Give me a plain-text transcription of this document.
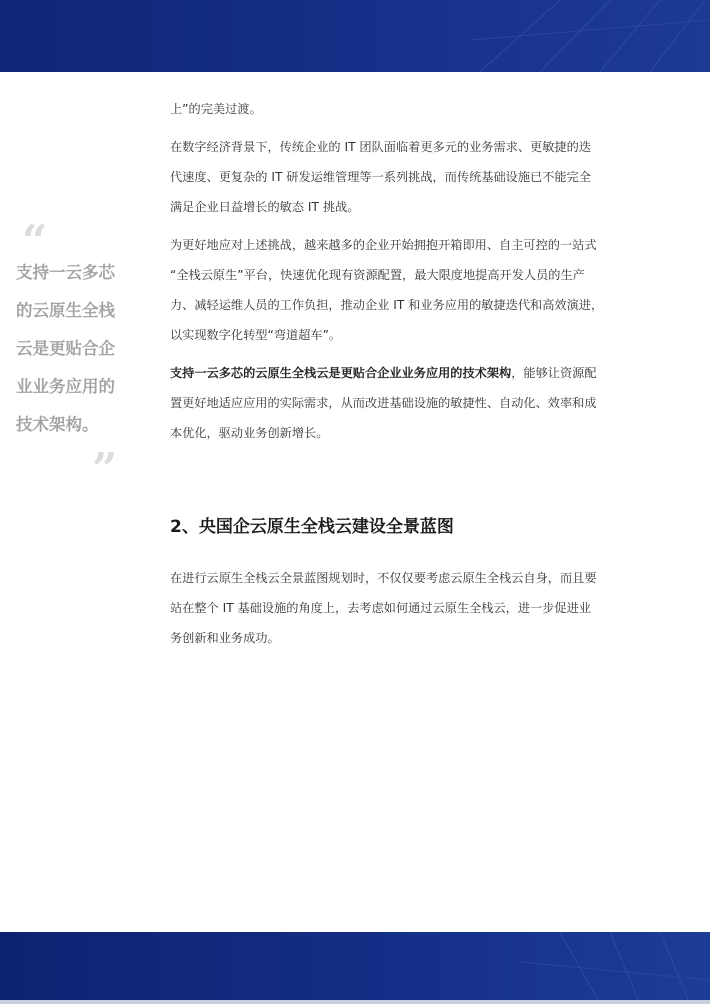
“
支持一云多芯
的云原生全栈
云是更贴合企
业业务应用的
技术架构。
”

上”的完美过渡。

在数字经济背景下，传统企业的 IT 团队面临着更多元的业务需求、更敏捷的迭

代速度、更复杂的 IT 研发运维管理等一系列挑战，而传统基础设施已不能完全

满足企业日益增长的敏态 IT 挑战。

为更好地应对上述挑战，越来越多的企业开始拥抱开箱即用、自主可控的一站式

“全栈云原生”平台，快速优化现有资源配置，最大限度地提高开发人员的生产

力、减轻运维人员的工作负担，推动企业 IT 和业务应用的敏捷迭代和高效演进，

以实现数字化转型“弯道超车”。

支持一云多芯的云原生全栈云是更贴合企业业务应用的技术架构，能够让资源配

置更好地适应应用的实际需求，从而改进基础设施的敏捷性、自动化、效率和成

本优化，驱动业务创新增长。

2、央国企云原生全栈云建设全景蓝图

在进行云原生全栈云全景蓝图规划时，不仅仅要考虑云原生全栈云自身，而且要

站在整个 IT 基础设施的角度上，去考虑如何通过云原生全栈云，进一步促进业

务创新和业务成功。
